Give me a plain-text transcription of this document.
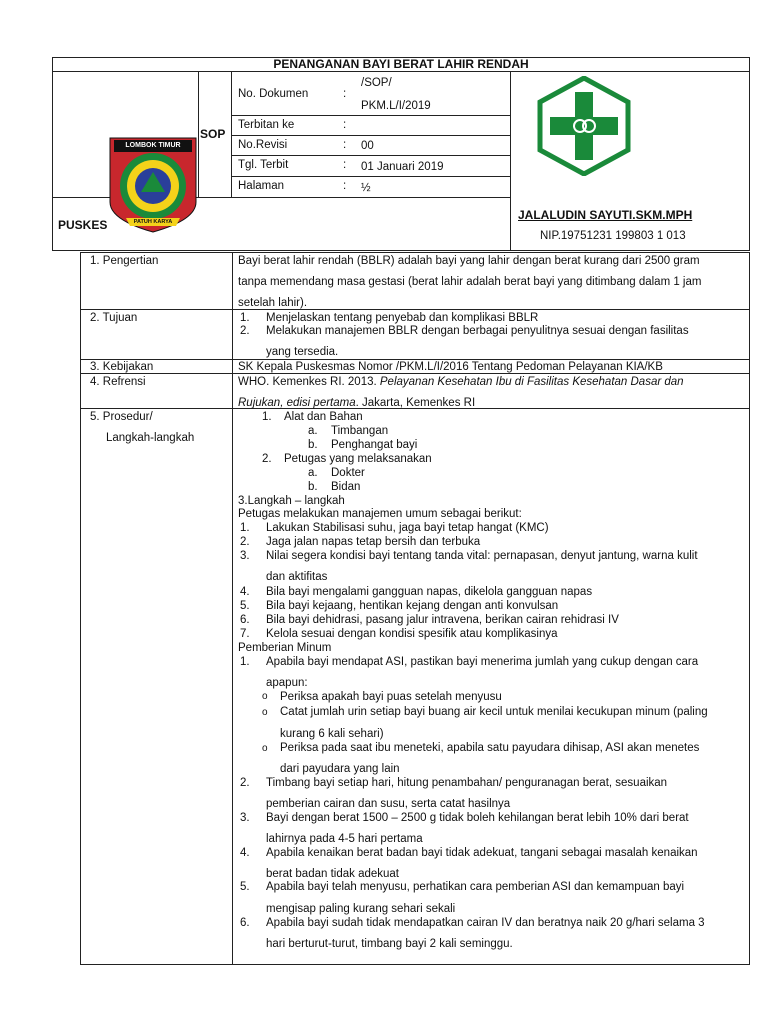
PENANGANAN BAYI BERAT LAHIR RENDAH
LOMBOK TIMUR
PATUH KARYA
SOP
PUSKES
No. Dokumen	:
/SOP/
PKM.L/I/2019
Terbitan ke	:
No.Revisi	: 00
Tgl. Terbit	: 01 Januari 2019
Halaman	: ½
JALALUDIN SAYUTI.SKM.MPH
NIP.19751231 199803 1 013
1. Pengertian	Bayi berat lahir rendah (BBLR) adalah bayi yang lahir dengan berat kurang dari 2500 gram
tanpa memendang masa gestasi (berat lahir adalah berat bayi yang ditimbang dalam 1 jam
setelah lahir).
2. Tujuan	1. Menjelaskan tentang penyebab dan komplikasi BBLR
2. Melakukan manajemen BBLR dengan berbagai penyulitnya sesuai dengan fasilitas
yang tersedia.
3. Kebijakan	SK Kepala Puskesmas Nomor /PKM.L/I/2016 Tentang Pedoman Pelayanan KIA/KB
4. Refrensi	WHO. Kemenkes RI. 2013. Pelayanan Kesehatan Ibu di Fasilitas Kesehatan Dasar dan
Rujukan, edisi pertama. Jakarta, Kemenkes RI
5. Prosedur/
Langkah-langkah
1. Alat dan Bahan
a. Timbangan
b. Penghangat bayi
2. Petugas yang melaksanakan
a. Dokter
b. Bidan
3.Langkah – langkah
Petugas melakukan manajemen umum sebagai berikut:
1. Lakukan Stabilisasi suhu, jaga bayi tetap hangat (KMC)
2. Jaga jalan napas tetap bersih dan terbuka
3. Nilai segera kondisi bayi tentang tanda vital: pernapasan, denyut jantung, warna kulit
dan aktifitas
4. Bila bayi mengalami gangguan napas, dikelola gangguan napas
5. Bila bayi kejaang, hentikan kejang dengan anti konvulsan
6. Bila bayi dehidrasi, pasang jalur intravena, berikan cairan rehidrasi IV
7. Kelola sesuai dengan kondisi spesifik atau komplikasinya
Pemberian Minum
1. Apabila bayi mendapat ASI, pastikan bayi menerima jumlah yang cukup dengan cara
apapun:
o Periksa apakah bayi puas setelah menyusu
o Catat jumlah urin setiap bayi buang air kecil untuk menilai kecukupan minum (paling
kurang 6 kali sehari)
o Periksa pada saat ibu meneteki, apabila satu payudara dihisap, ASI akan menetes
dari payudara yang lain
2. Timbang bayi setiap hari, hitung penambahan/ penguranagan berat, sesuaikan
pemberian cairan dan susu, serta catat hasilnya
3. Bayi dengan berat 1500 – 2500 g tidak boleh kehilangan berat lebih 10% dari berat
lahirnya pada 4-5 hari pertama
4. Apabila kenaikan berat badan bayi tidak adekuat, tangani sebagai masalah kenaikan
berat badan tidak adekuat
5. Apabila bayi telah menyusu, perhatikan cara pemberian ASI dan kemampuan bayi
mengisap paling kurang sehari sekali
6. Apabila bayi sudah tidak mendapatkan cairan IV dan beratnya naik 20 g/hari selama 3
hari berturut-turut, timbang bayi 2 kali seminggu.
